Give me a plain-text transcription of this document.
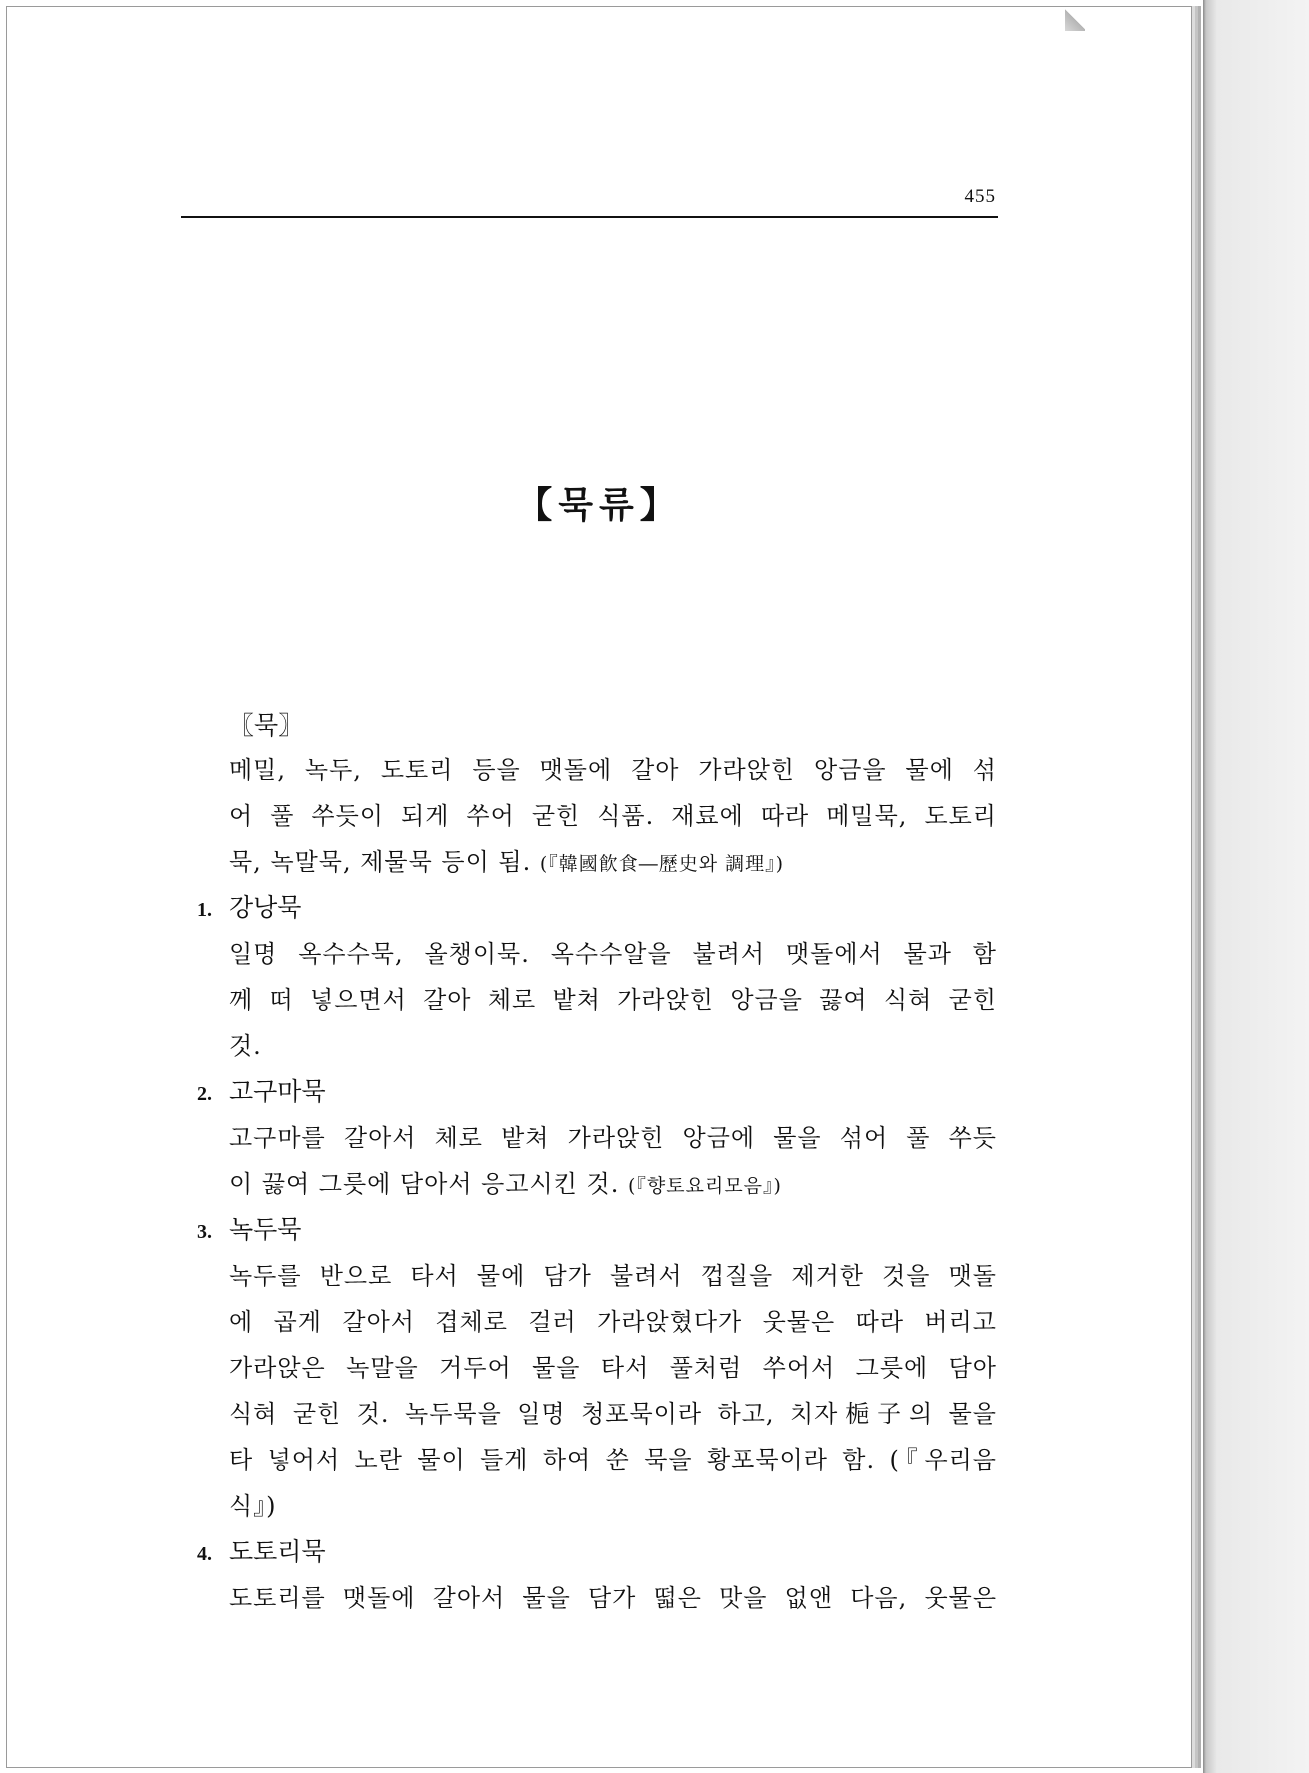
455
【묵류】
〖묵〗
메밀, 녹두, 도토리 등을 맷돌에 갈아 가라앉힌 앙금을 물에 섞
어 풀 쑤듯이 되게 쑤어 굳힌 식품. 재료에 따라 메밀묵, 도토리
묵, 녹말묵, 제물묵 등이 됨. (『韓國飮食―歷史와 調理』)
1. 강낭묵
일명 옥수수묵, 올챙이묵. 옥수수알을 불려서 맷돌에서 물과 함
께 떠 넣으면서 갈아 체로 밭쳐 가라앉힌 앙금을 끓여 식혀 굳힌
것.
2. 고구마묵
고구마를 갈아서 체로 밭쳐 가라앉힌 앙금에 물을 섞어 풀 쑤듯
이 끓여 그릇에 담아서 응고시킨 것. (『향토요리모음』)
3. 녹두묵
녹두를 반으로 타서 물에 담가 불려서 껍질을 제거한 것을 맷돌
에 곱게 갈아서 겹체로 걸러 가라앉혔다가 웃물은 따라 버리고
가라앉은 녹말을 거두어 물을 타서 풀처럼 쑤어서 그릇에 담아
식혀 굳힌 것. 녹두묵을 일명 청포묵이라 하고, 치자梔子의 물을
타 넣어서 노란 물이 들게 하여 쑨 묵을 황포묵이라 함. (『우리음
식』)
4. 도토리묵
도토리를 맷돌에 갈아서 물을 담가 떫은 맛을 없앤 다음, 웃물은
